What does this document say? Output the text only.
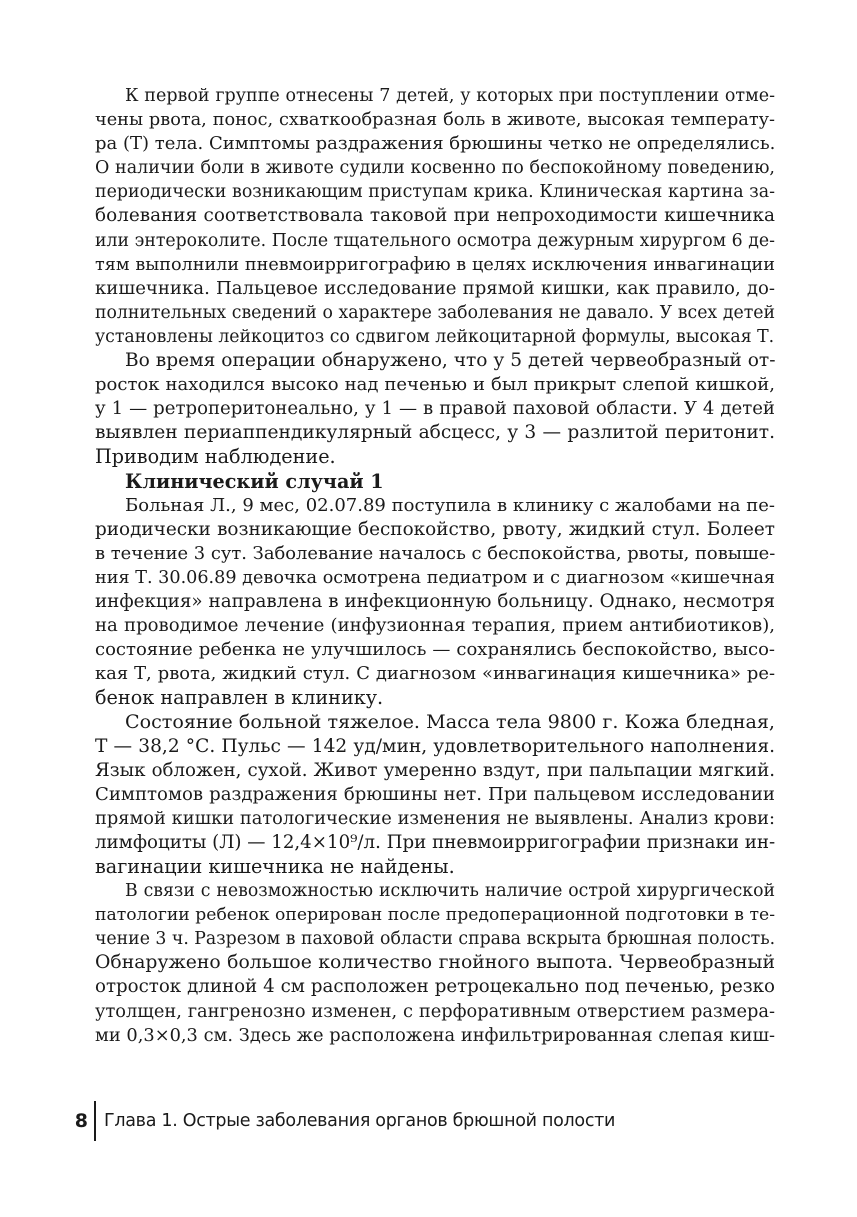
К первой группе отнесены 7 детей, у которых при поступлении отме-
чены рвота, понос, схваткообразная боль в животе, высокая температу-
ра (Т) тела. Симптомы раздражения брюшины четко не определялись.
О наличии боли в животе судили косвенно по беспокойному поведению,
периодически возникающим приступам крика. Клиническая картина за-
болевания соответствовала таковой при непроходимости кишечника
или энтероколите. После тщательного осмотра дежурным хирургом 6 де-
тям выполнили пневмоирригографию в целях исключения инвагинации
кишечника. Пальцевое исследование прямой кишки, как правило, до-
полнительных сведений о характере заболевания не давало. У всех детей
установлены лейкоцитоз со сдвигом лейкоцитарной формулы, высокая Т.
Во время операции обнаружено, что у 5 детей червеобразный от-
росток находился высоко над печенью и был прикрыт слепой кишкой,
у 1 — ретроперитонеально, у 1 — в правой паховой области. У 4 детей
выявлен периаппендикулярный абсцесс, у 3 — разлитой перитонит.
Приводим наблюдение.
Клинический случай 1
Больная Л., 9 мес, 02.07.89 поступила в клинику с жалобами на пе-
риодически возникающие беспокойство, рвоту, жидкий стул. Болеет
в течение 3 сут. Заболевание началось с беспокойства, рвоты, повыше-
ния Т. 30.06.89 девочка осмотрена педиатром и с диагнозом «кишечная
инфекция» направлена в инфекционную больницу. Однако, несмотря
на проводимое лечение (инфузионная терапия, прием антибиотиков),
состояние ребенка не улучшилось — сохранялись беспокойство, высо-
кая Т, рвота, жидкий стул. С диагнозом «инвагинация кишечника» ре-
бенок направлен в клинику.
Состояние больной тяжелое. Масса тела 9800 г. Кожа бледная,
Т — 38,2 °С. Пульс — 142 уд/мин, удовлетворительного наполнения.
Язык обложен, сухой. Живот умеренно вздут, при пальпации мягкий.
Симптомов раздражения брюшины нет. При пальцевом исследовании
прямой кишки патологические изменения не выявлены. Анализ крови:
лимфоциты (Л) — 12,4×10⁹/л. При пневмоирригографии признаки ин-
вагинации кишечника не найдены.
В связи с невозможностью исключить наличие острой хирургической
патологии ребенок оперирован после предоперационной подготовки в те-
чение 3 ч. Разрезом в паховой области справа вскрыта брюшная полость.
Обнаружено большое количество гнойного выпота. Червеобразный
отросток длиной 4 см расположен ретроцекально под печенью, резко
утолщен, гангренозно изменен, с перфоративным отверстием размера-
ми 0,3×0,3 см. Здесь же расположена инфильтрированная слепая киш-
8 Глава 1. Острые заболевания органов брюшной полости
